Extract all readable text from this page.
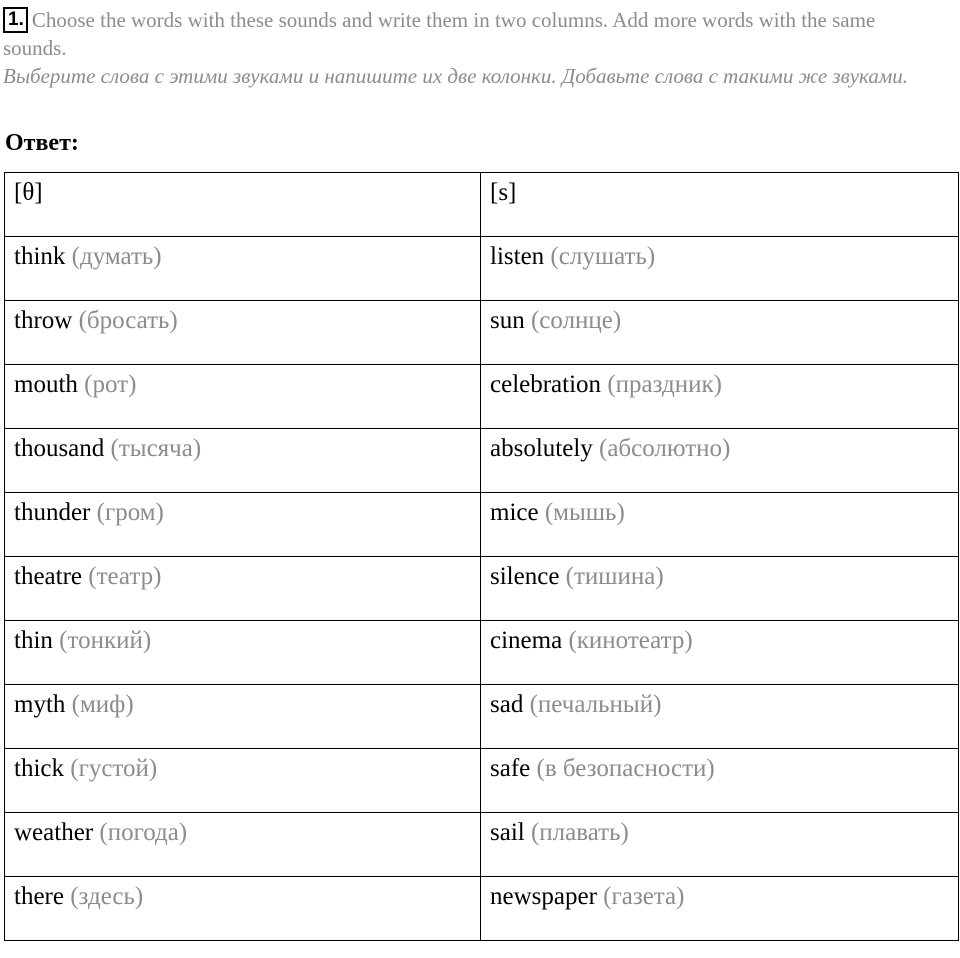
1. Choose the words with these sounds and write them in two columns. Add more words with the same sounds.
Выберите слова с этими звуками и напишите их две колонки. Добавьте слова с такими же звуками.
Ответ:
[θ]	[s]
think (думать)	listen (слушать)
throw (бросать)	sun (солнце)
mouth (рот)	celebration (праздник)
thousand (тысяча)	absolutely (абсолютно)
thunder (гром)	mice (мышь)
theatre (театр)	silence (тишина)
thin (тонкий)	cinema (кинотеатр)
myth (миф)	sad (печальный)
thick (густой)	safe (в безопасности)
weather (погода)	sail (плавать)
there (здесь)	newspaper (газета)
